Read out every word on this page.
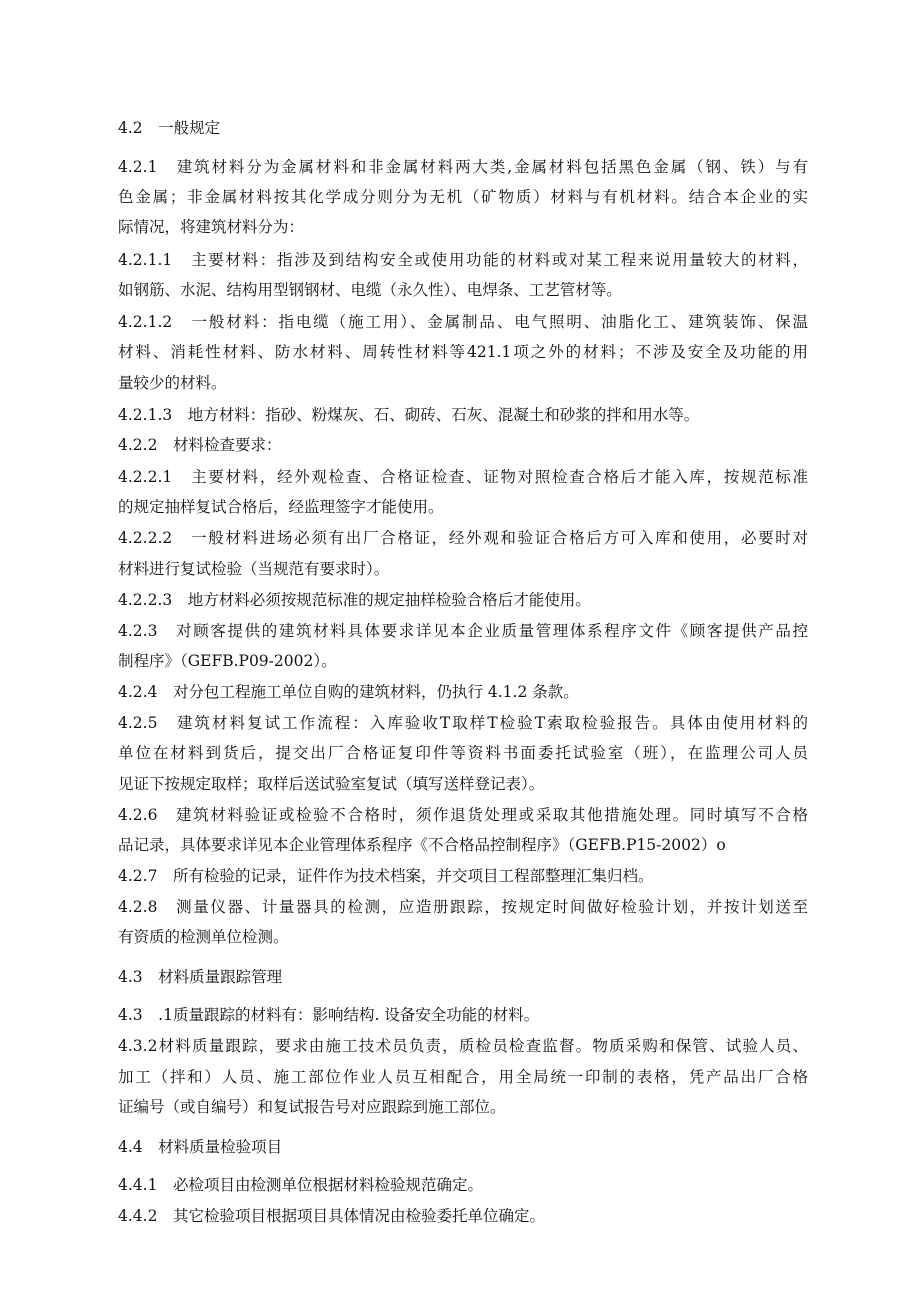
4.2　一般规定
4.2.1　建筑材料分为金属材料和非金属材料两大类,金属材料包括黑色金属（钢、铁）与有
色金属；非金属材料按其化学成分则分为无机（矿物质）材料与有机材料。结合本企业的实
际情况，将建筑材料分为：
4.2.1.1　主要材料：指涉及到结构安全或使用功能的材料或对某工程来说用量较大的材料，
如钢筋、水泥、结构用型钢钢材、电缆（永久性）、电焊条、工艺管材等。
4.2.1.2　一般材料：指电缆（施工用）、金属制品、电气照明、油脂化工、建筑装饰、保温
材料、消耗性材料、防水材料、周转性材料等421.1项之外的材料；不涉及安全及功能的用
量较少的材料。
4.2.1.3　地方材料：指砂、粉煤灰、石、砌砖、石灰、混凝土和砂浆的拌和用水等。
4.2.2　材料检查要求：
4.2.2.1　主要材料，经外观检查、合格证检查、证物对照检查合格后才能入库，按规范标准
的规定抽样复试合格后，经监理签字才能使用。
4.2.2.2　一般材料进场必须有出厂合格证，经外观和验证合格后方可入库和使用，必要时对
材料进行复试检验（当规范有要求时）。
4.2.2.3　地方材料必须按规范标准的规定抽样检验合格后才能使用。
4.2.3　对顾客提供的建筑材料具体要求详见本企业质量管理体系程序文件《顾客提供产品控
制程序》（GEFB.P09-2002）。
4.2.4　对分包工程施工单位自购的建筑材料，仍执行 4.1.2 条款。
4.2.5　建筑材料复试工作流程：入库验收T取样T检验T索取检验报告。具体由使用材料的
单位在材料到货后，提交出厂合格证复印件等资料书面委托试验室（班），在监理公司人员
见证下按规定取样；取样后送试验室复试（填写送样登记表）。
4.2.6　建筑材料验证或检验不合格时，须作退货处理或采取其他措施处理。同时填写不合格
品记录，具体要求详见本企业管理体系程序《不合格品控制程序》（GEFB.P15-2002）o
4.2.7　所有检验的记录，证件作为技术档案，并交项目工程部整理汇集归档。
4.2.8　测量仪器、计量器具的检测，应造册跟踪，按规定时间做好检验计划，并按计划送至
有资质的检测单位检测。
4.3　材料质量跟踪管理
4.3　.1质量跟踪的材料有：影响结构. 设备安全功能的材料。
4.3.2材料质量跟踪，要求由施工技术员负责，质检员检查监督。物质采购和保管、试验人员、
加工（拌和）人员、施工部位作业人员互相配合，用全局统一印制的表格，凭产品出厂合格
证编号（或自编号）和复试报告号对应跟踪到施工部位。
4.4　材料质量检验项目
4.4.1　必检项目由检测单位根据材料检验规范确定。
4.4.2　其它检验项目根据项目具体情况由检验委托单位确定。
